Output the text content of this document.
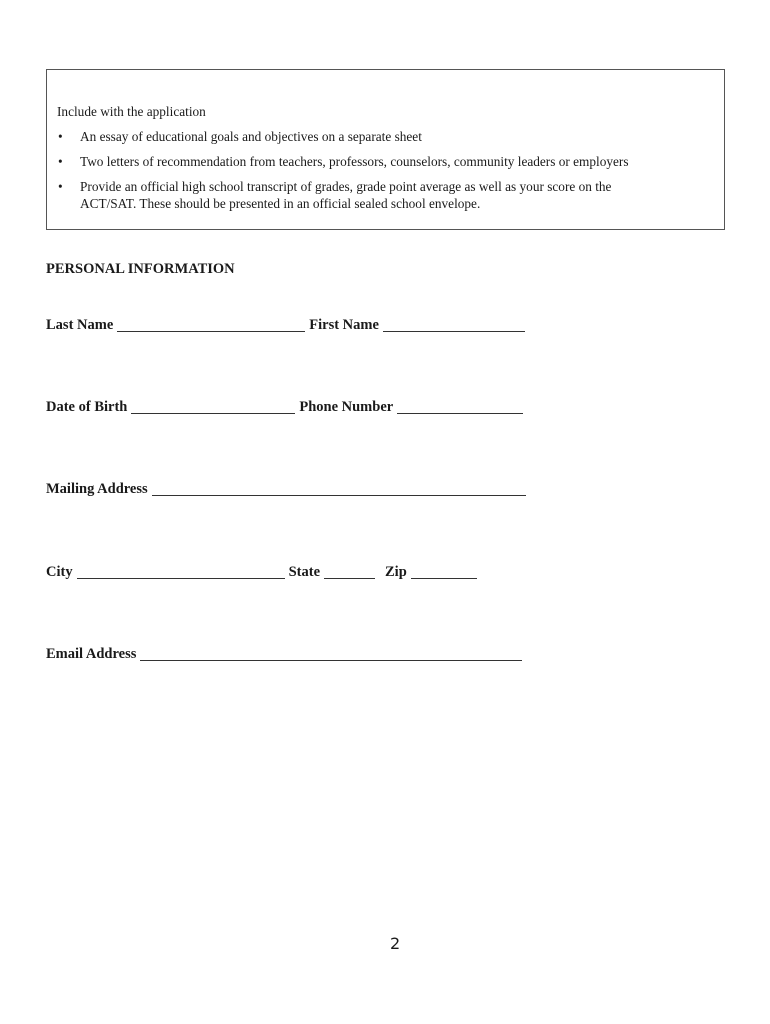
Include with the application

• An essay of educational goals and objectives on a separate sheet
• Two letters of recommendation from teachers, professors, counselors, community leaders or employers
• Provide an official high school transcript of grades, grade point average as well as your score on the ACT/SAT. These should be presented in an official sealed school envelope.
PERSONAL INFORMATION
Last Name	First Name
Date of Birth	Phone Number
Mailing Address
City	State	Zip
Email Address
2
